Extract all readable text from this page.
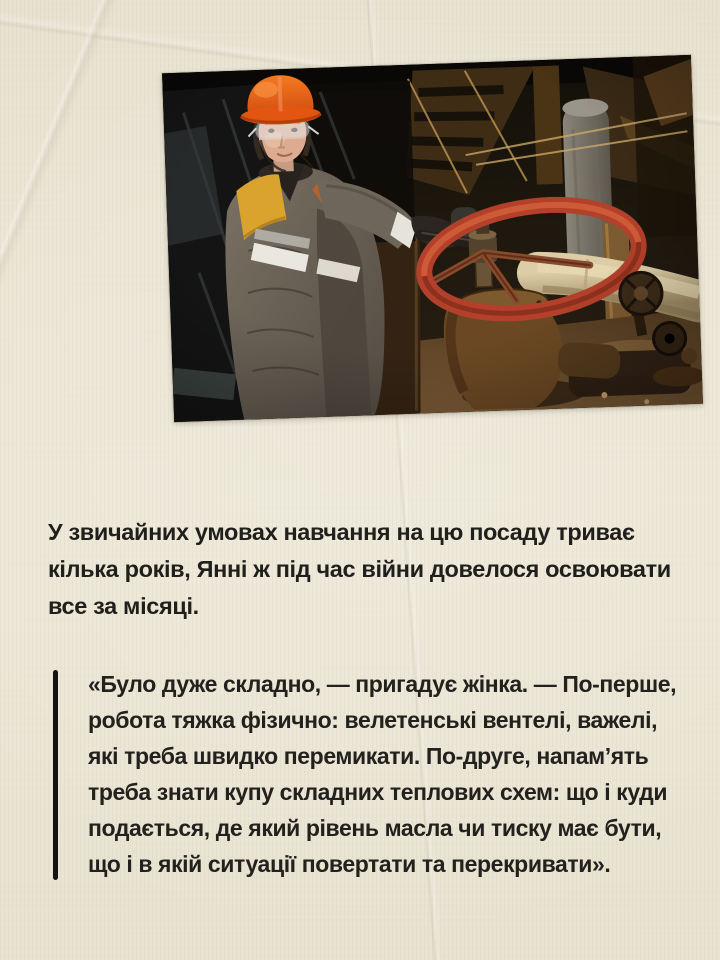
У звичайних умовах навчання на цю посаду триває кілька років, Янні ж під час війни довелося освоювати все за місяці.

«Було дуже складно, — пригадує жінка. — По-перше, робота тяжка фізично: велетенські вентелі, важелі, які треба швидко перемикати. По-друге, напам’ять треба знати купу складних теплових схем: що і куди подається, де який рівень масла чи тиску має бути, що і в якій ситуації повертати та перекривати».
